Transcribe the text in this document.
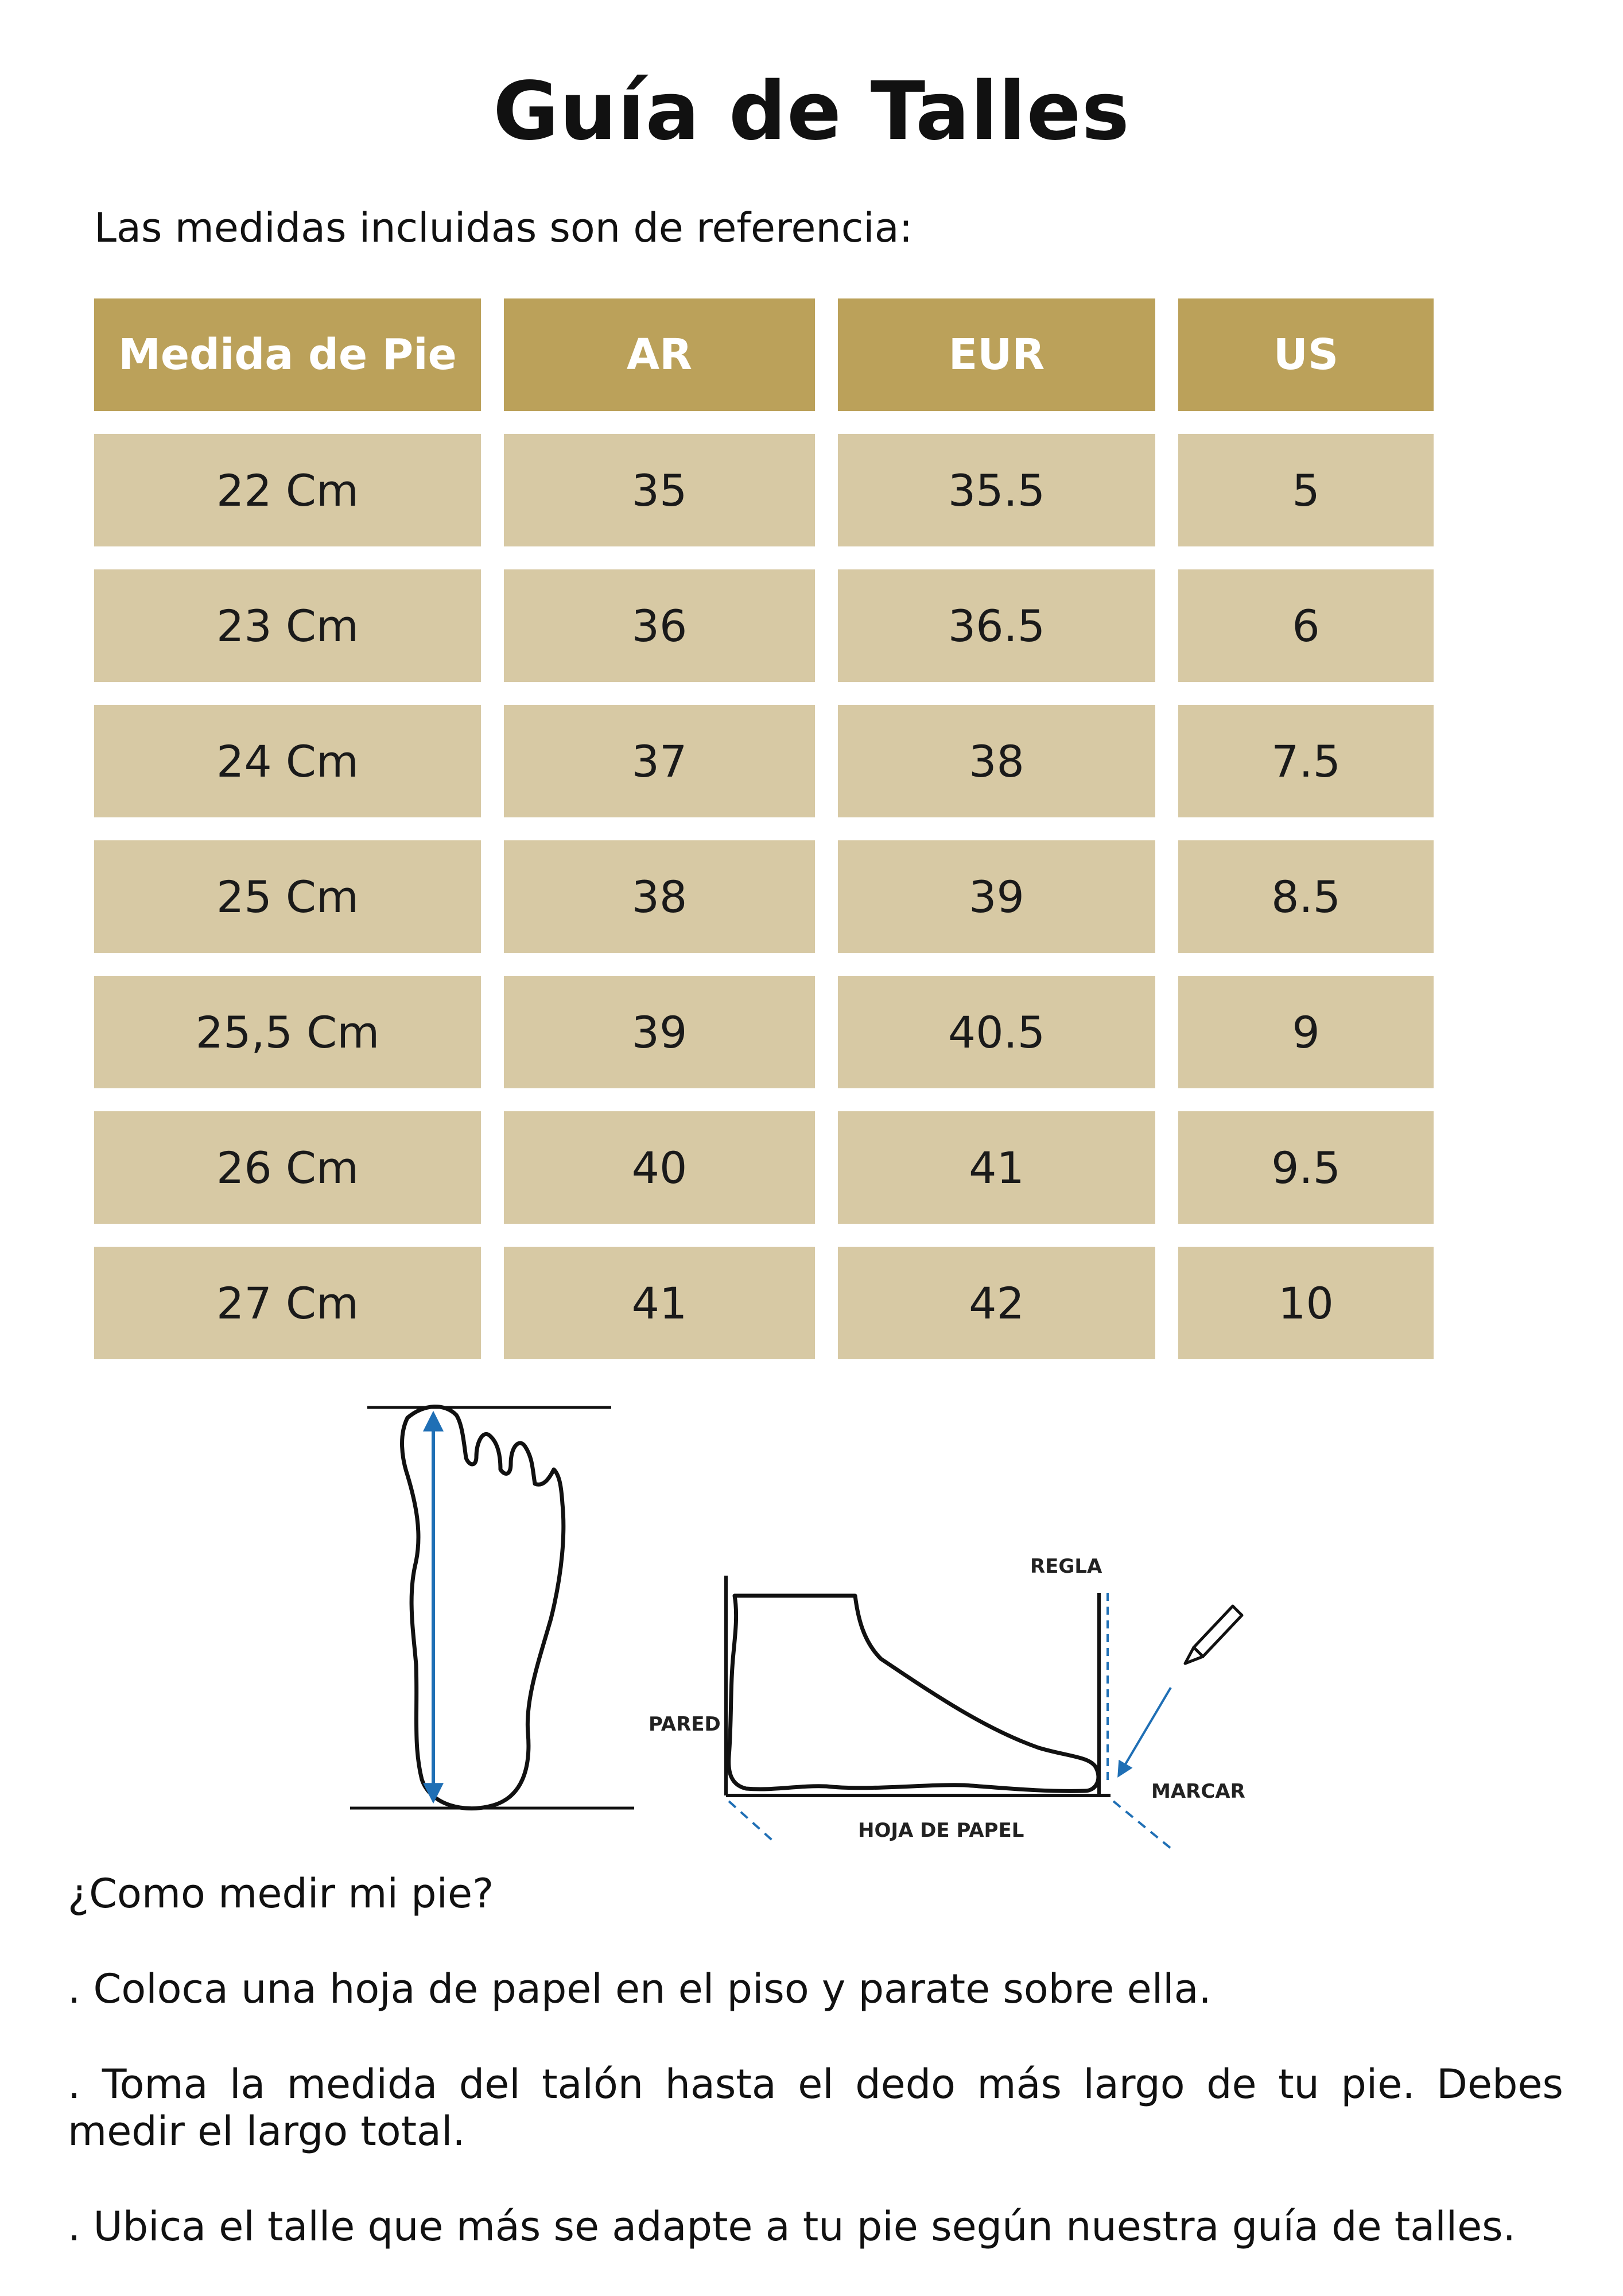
Guía de Talles
Las medidas incluidas son de referencia:
Medida de Pie	AR	EUR	US
22 Cm	35	35.5	5
23 Cm	36	36.5	6
24 Cm	37	38	7.5
25 Cm	38	39	8.5
25,5 Cm	39	40.5	9
26 Cm	40	41	9.5
27 Cm	41	42	10
PARED
REGLA
MARCAR
HOJA DE PAPEL

¿Como medir mi pie?

. Coloca una hoja de papel en el piso y parate sobre ella.

. Toma la medida del talón hasta el dedo más largo de tu pie. Debes medir el largo total.

. Ubica el talle que más se adapte a tu pie según nuestra guía de talles.
